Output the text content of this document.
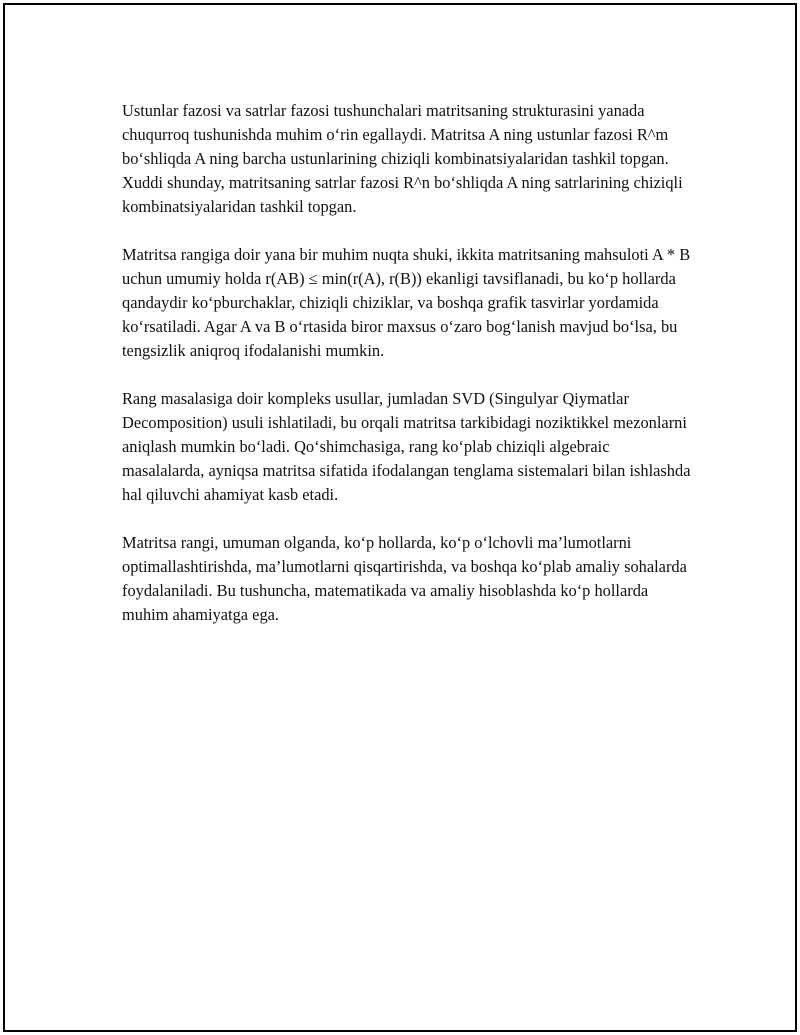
Ustunlar fazosi va satrlar fazosi tushunchalari matritsaning strukturasini yanada chuqurroq tushunishda muhim o‘rin egallaydi. Matritsa A ning ustunlar fazosi R^m bo‘shliqda A ning barcha ustunlarining chiziqli kombinatsiyalaridan tashkil topgan. Xuddi shunday, matritsaning satrlar fazosi R^n bo‘shliqda A ning satrlarining chiziqli kombinatsiyalaridan tashkil topgan.

Matritsa rangiga doir yana bir muhim nuqta shuki, ikkita matritsaning mahsuloti A * B uchun umumiy holda r(AB) ≤ min(r(A), r(B)) ekanligi tavsiflanadi, bu ko‘p hollarda qandaydir ko‘pburchaklar, chiziqli chiziklar, va boshqa grafik tasvirlar yordamida ko‘rsatiladi. Agar A va B o‘rtasida biror maxsus o‘zaro bog‘lanish mavjud bo‘lsa, bu tengsizlik aniqroq ifodalanishi mumkin.

Rang masalasiga doir kompleks usullar, jumladan SVD (Singulyar Qiymatlar Decomposition) usuli ishlatiladi, bu orqali matritsa tarkibidagi noziktikkel mezonlarni aniqlash mumkin bo‘ladi. Qo‘shimchasiga, rang ko‘plab chiziqli algebraic masalalarda, ayniqsa matritsa sifatida ifodalangan tenglama sistemalari bilan ishlashda hal qiluvchi ahamiyat kasb etadi.

Matritsa rangi, umuman olganda, ko‘p hollarda, ko‘p o‘lchovli ma’lumotlarni optimallashtirishda, ma’lumotlarni qisqartirishda, va boshqa ko‘plab amaliy sohalarda foydalaniladi. Bu tushuncha, matematikada va amaliy hisoblashda ko‘p hollarda muhim ahamiyatga ega.
